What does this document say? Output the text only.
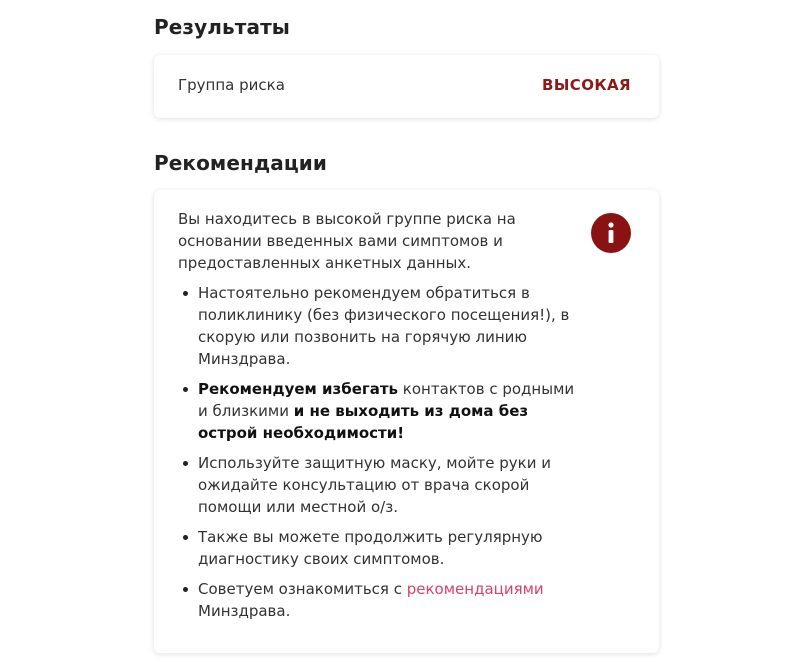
Результаты
Группа риска	ВЫСОКАЯ
Рекомендации

Вы находитесь в высокой группе риска на основании введенных вами симптомов и предоставленных анкетных данных.

Настоятельно рекомендуем обратиться в поликлинику (без физического посещения!), в скорую или позвонить на горячую линию Минздрава.
Рекомендуем избегать контактов с родными и близкими и не выходить из дома без острой необходимости!
Используйте защитную маску, мойте руки и ожидайте консультацию от врача скорой помощи или местной о/з.
Также вы можете продолжить регулярную диагностику своих симптомов.
Советуем ознакомиться с рекомендациями Минздрава.
